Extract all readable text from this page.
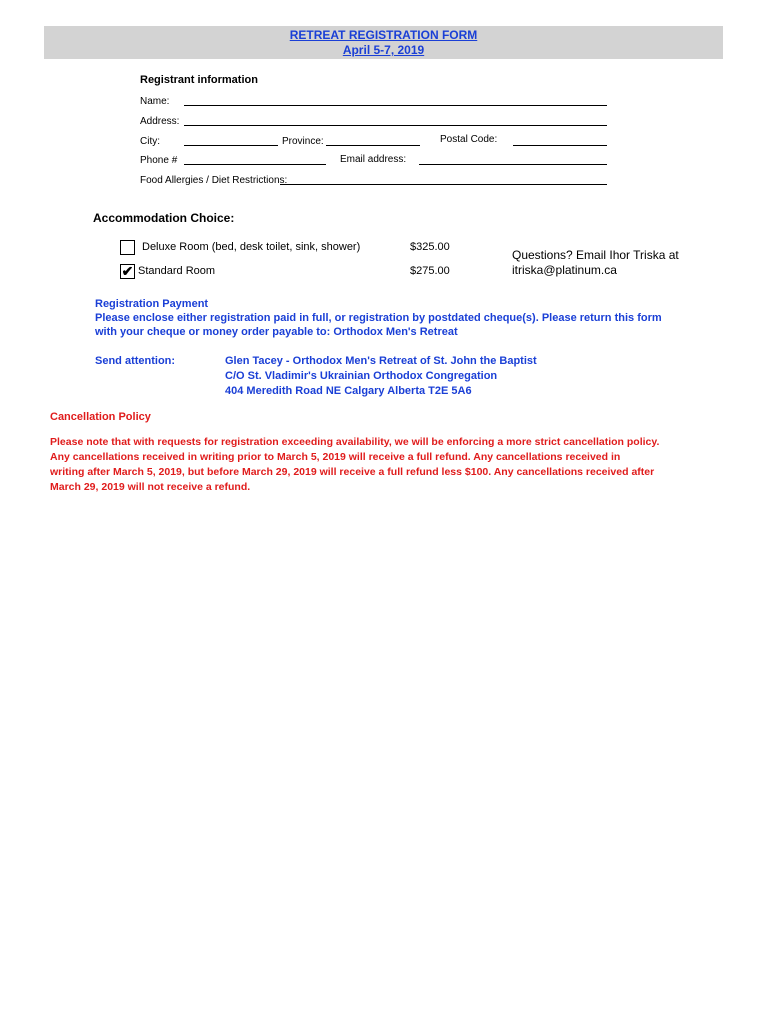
RETREAT REGISTRATION FORM
April 5-7, 2019
Registrant information
Name:
Address:
City:	Province:	Postal Code:
Phone #	Email address:
Food Allergies / Diet Restrictions:
Accommodation Choice:
Deluxe Room (bed, desk toilet, sink, shower)	$325.00
✔ Standard Room	$275.00
Questions? Email Ihor Triska at
itriska@platinum.ca
Registration Payment
Please enclose either registration paid in full, or registration by postdated cheque(s). Please return this form
with your cheque or money order payable to: Orthodox Men's Retreat
Send attention:	Glen Tacey - Orthodox Men's Retreat of St. John the Baptist
C/O St. Vladimir's Ukrainian Orthodox Congregation
404 Meredith Road NE Calgary Alberta T2E 5A6
Cancellation Policy
Please note that with requests for registration exceeding availability, we will be enforcing a more strict cancellation policy.
Any cancellations received in writing prior to March 5, 2019 will receive a full refund. Any cancellations received in
writing after March 5, 2019, but before March 29, 2019 will receive a full refund less $100. Any cancellations received after
March 29, 2019 will not receive a refund.
